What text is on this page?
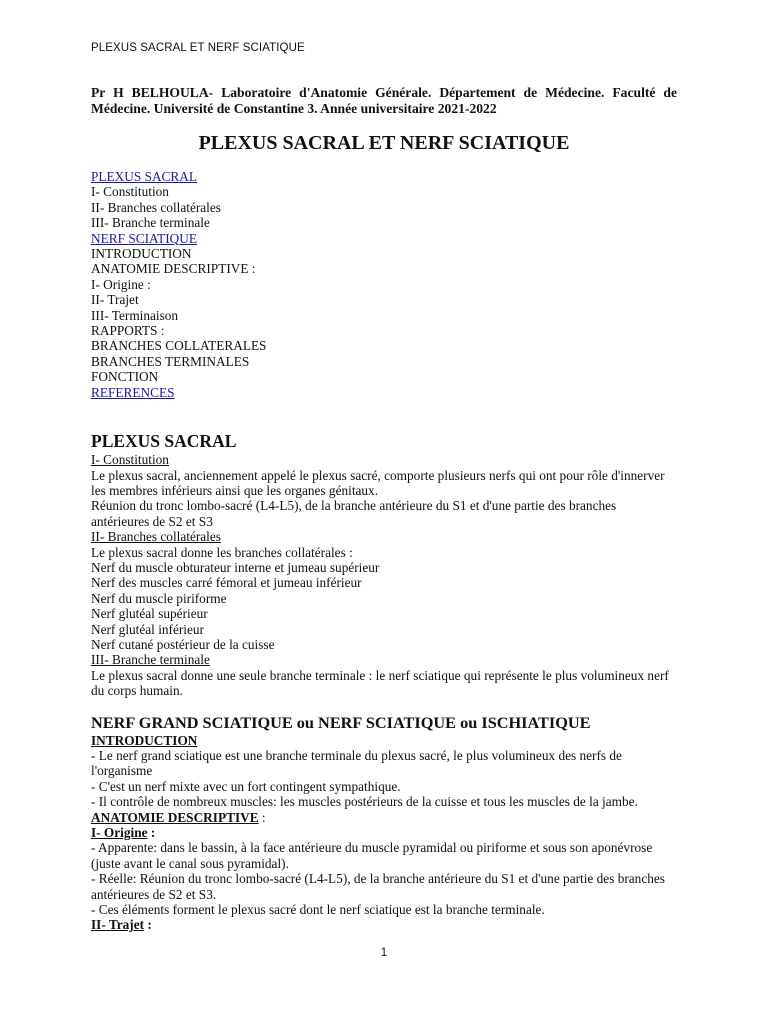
PLEXUS SACRAL ET NERF SCIATIQUE
Pr H BELHOULA- Laboratoire d'Anatomie Générale. Département de Médecine. Faculté de Médecine. Université de Constantine 3. Année universitaire 2021-2022
PLEXUS SACRAL ET NERF SCIATIQUE
PLEXUS SACRAL
I- Constitution
II- Branches collatérales
III- Branche terminale
NERF SCIATIQUE
INTRODUCTION
ANATOMIE DESCRIPTIVE :
I- Origine :
II- Trajet
III- Terminaison
RAPPORTS :
BRANCHES COLLATERALES
BRANCHES TERMINALES
FONCTION
REFERENCES
PLEXUS SACRAL
I- Constitution
Le plexus sacral, anciennement appelé le plexus sacré, comporte plusieurs nerfs qui ont pour rôle d'innerver les membres inférieurs ainsi que les organes génitaux.
Réunion du tronc lombo-sacré (L4-L5), de la branche antérieure du S1 et d'une partie des branches antérieures de S2 et S3
II- Branches collatérales
Le plexus sacral donne les branches collatérales :
Nerf du muscle obturateur interne et jumeau supérieur
Nerf des muscles carré fémoral et jumeau inférieur
Nerf du muscle piriforme
Nerf glutéal supérieur
Nerf glutéal inférieur
Nerf cutané postérieur de la cuisse
III- Branche terminale
Le plexus sacral donne une seule branche terminale : le nerf sciatique qui représente le plus volumineux nerf du corps humain.
NERF GRAND SCIATIQUE ou NERF SCIATIQUE ou ISCHIATIQUE
INTRODUCTION
- Le nerf grand sciatique est une branche terminale du plexus sacré, le plus volumineux des nerfs de l'organisme
- C'est un nerf mixte avec un fort contingent sympathique.
- Il contrôle de nombreux muscles: les muscles postérieurs de la cuisse et tous les muscles de la jambe.
ANATOMIE DESCRIPTIVE :
I- Origine :
- Apparente: dans le bassin, à la face antérieure du muscle pyramidal ou piriforme et sous son aponévrose (juste avant le canal sous pyramidal).
- Réelle: Réunion du tronc lombo-sacré (L4-L5), de la branche antérieure du S1 et d'une partie des branches antérieures de S2 et S3.
- Ces éléments forment le plexus sacré dont le nerf sciatique est la branche terminale.
II- Trajet :
1
